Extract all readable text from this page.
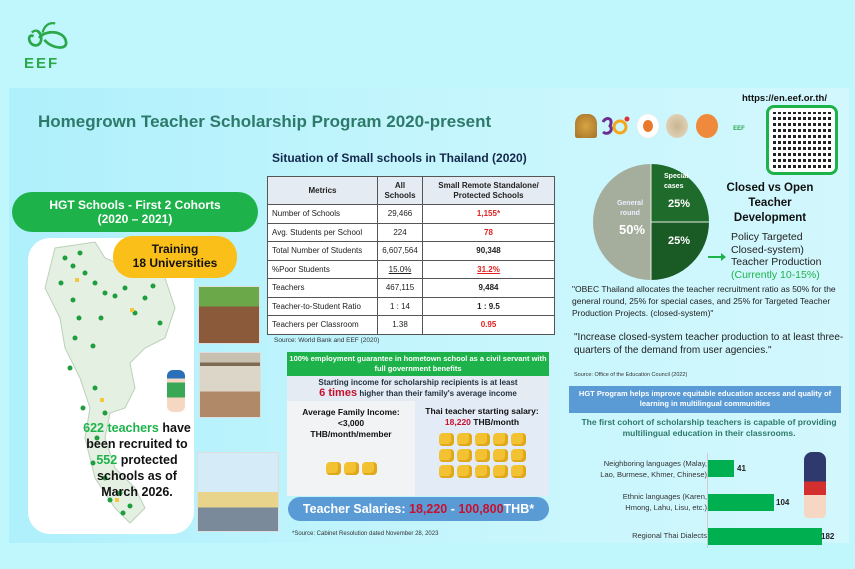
EEF
Homegrown Teacher Scholarship Program 2020-present	EEF
https://en.eef.or.th/
HGT Schools - First 2 Cohorts
(2020 – 2021)
Training
18 Universities
622 teachers have been recruited to 552 protected schools as of March 2026.
Situation of Small schools in Thailand (2020)
Metrics	All Schools	Small Remote Standalone/ Protected Schools
Number of Schools	29,466	1,155*
Avg. Students per School	224	78
Total Number of Students	6,607,564	90,348
%Poor Students	15.0%	31.2%
Teachers	467,115	9,484
Teacher-to-Student Ratio	1 : 14	1 : 9.5
Teachers per Classroom	1.38	0.95
Source: World Bank and EEF (2020)
100% employment guarantee in hometown school as a civil servant with full government benefits
Starting income for scholarship recipients is at least
6 times higher than their family's average income
Average Family Income:
<3,000
THB/month/member
Thai teacher starting salary:
18,220 THB/month
Teacher Salaries: 18,220 - 100,800THB*
*Source: Cabinet Resolution dated November 28, 2023
General round
50%
Special cases
25%
25%
Closed vs Open Teacher Development
Policy Targeted
Closed-system)
Teacher Production
(Currently 10-15%)
"OBEC Thailand allocates the teacher recruitment ratio as 50% for the general round, 25% for special cases, and 25% for Targeted Teacher Production Projects. (closed-system)"
"Increase closed-system teacher production to at least three-quarters of the demand from user agencies."
Source: Office of the Education Council (2022)
HGT Program helps improve equitable education access and quality of learning in multilingual communities
The first cohort of scholarship teachers is capable of providing multilingual education in their classrooms.
Neighboring languages (Malay,
Lao, Burmese, Khmer, Chinese)
41
Ethnic languages (Karen,
Hmong, Lahu, Lisu, etc.)
104
Regional Thai Dialects	182
